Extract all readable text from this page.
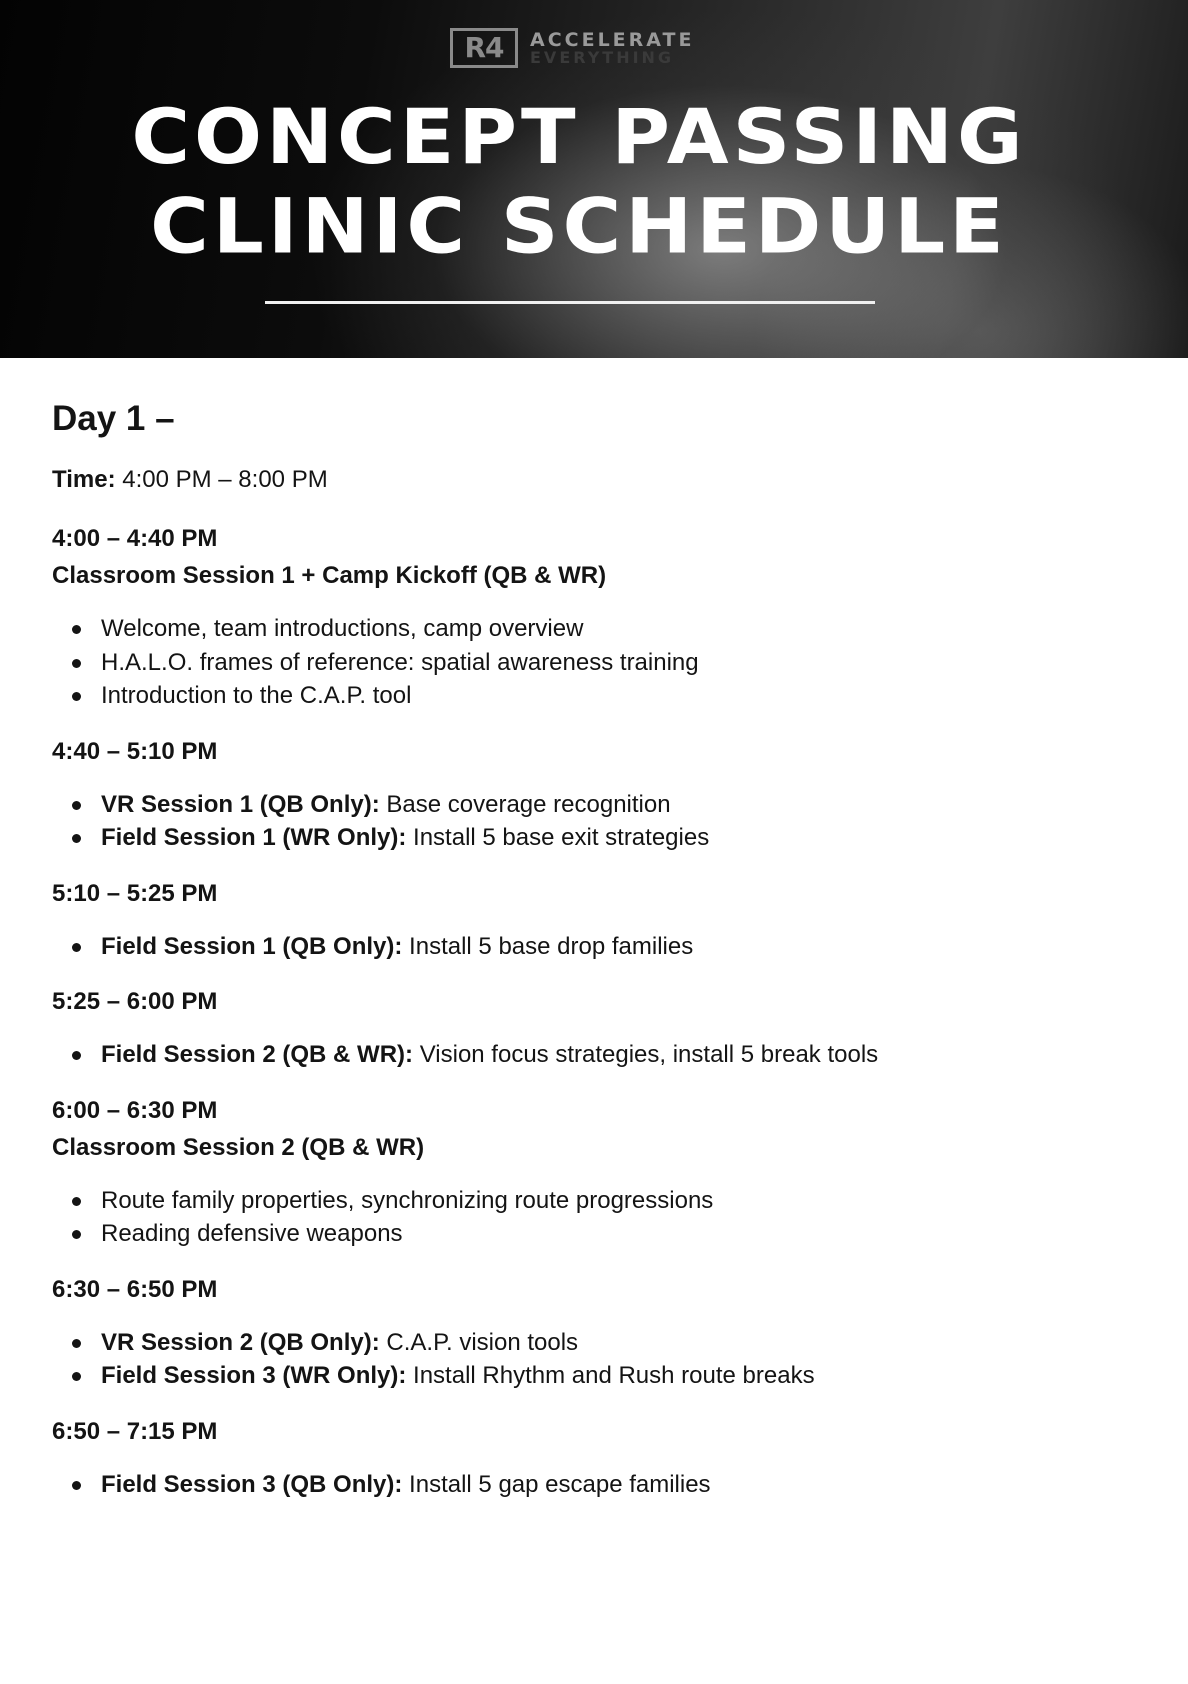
R4	ACCELERATE
EVERYTHING
CONCEPT PASSING
CLINIC SCHEDULE
Day 1 –

Time: 4:00 PM – 8:00 PM

4:00 – 4:40 PM

Classroom Session 1 + Camp Kickoff (QB & WR)

Welcome, team introductions, camp overview
H.A.L.O. frames of reference: spatial awareness training
Introduction to the C.A.P. tool

4:40 – 5:10 PM

VR Session 1 (QB Only): Base coverage recognition
Field Session 1 (WR Only): Install 5 base exit strategies

5:10 – 5:25 PM

Field Session 1 (QB Only): Install 5 base drop families

5:25 – 6:00 PM

Field Session 2 (QB & WR): Vision focus strategies, install 5 break tools

6:00 – 6:30 PM

Classroom Session 2 (QB & WR)

Route family properties, synchronizing route progressions
Reading defensive weapons

6:30 – 6:50 PM

VR Session 2 (QB Only): C.A.P. vision tools
Field Session 3 (WR Only): Install Rhythm and Rush route breaks

6:50 – 7:15 PM

Field Session 3 (QB Only): Install 5 gap escape families
